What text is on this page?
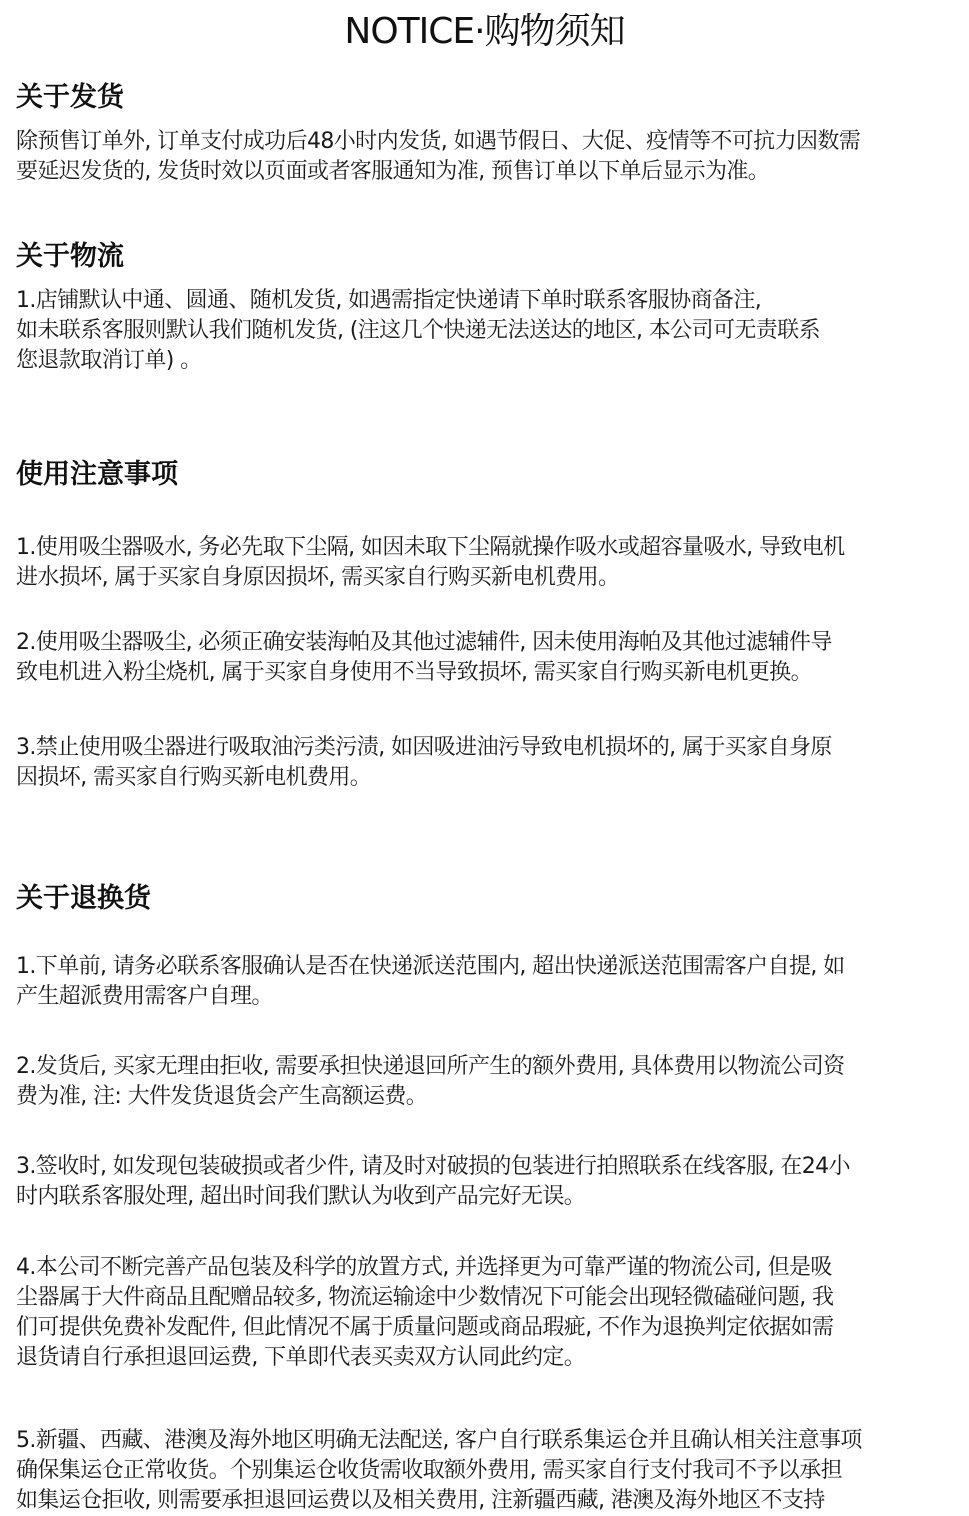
NOTICE·购物须知
关于发货
除预售订单外, 订单支付成功后48小时内发货, 如遇节假日、大促、疫情等不可抗力因数需
要延迟发货的, 发货时效以页面或者客服通知为准, 预售订单以下单后显示为准。
关于物流
1.店铺默认中通、圆通、随机发货, 如遇需指定快递请下单时联系客服协商备注,
如未联系客服则默认我们随机发货, (注这几个快递无法送达的地区, 本公司可无责联系
您退款取消订单) 。
使用注意事项
1.使用吸尘器吸水, 务必先取下尘隔, 如因未取下尘隔就操作吸水或超容量吸水, 导致电机
进水损坏, 属于买家自身原因损坏, 需买家自行购买新电机费用。
2.使用吸尘器吸尘, 必须正确安装海帕及其他过滤辅件, 因未使用海帕及其他过滤辅件导
致电机进入粉尘烧机, 属于买家自身使用不当导致损坏, 需买家自行购买新电机更换。
3.禁止使用吸尘器进行吸取油污类污渍, 如因吸进油污导致电机损坏的, 属于买家自身原
因损坏, 需买家自行购买新电机费用。
关于退换货
1.下单前, 请务必联系客服确认是否在快递派送范围内, 超出快递派送范围需客户自提, 如
产生超派费用需客户自理。
2.发货后, 买家无理由拒收, 需要承担快递退回所产生的额外费用, 具体费用以物流公司资
费为准, 注: 大件发货退货会产生高额运费。
3.签收时, 如发现包装破损或者少件, 请及时对破损的包装进行拍照联系在线客服, 在24小
时内联系客服处理, 超出时间我们默认为收到产品完好无误。
4.本公司不断完善产品包装及科学的放置方式, 并选择更为可靠严谨的物流公司, 但是吸
尘器属于大件商品且配赠品较多, 物流运输途中少数情况下可能会出现轻微磕碰问题, 我
们可提供免费补发配件, 但此情况不属于质量问题或商品瑕疵, 不作为退换判定依据如需
退货请自行承担退回运费, 下单即代表买卖双方认同此约定。
5.新疆、西藏、港澳及海外地区明确无法配送, 客户自行联系集运仓并且确认相关注意事项
确保集运仓正常收货。个别集运仓收货需收取额外费用, 需买家自行支付我司不予以承担
如集运仓拒收, 则需要承担退回运费以及相关费用, 注新疆西藏, 港澳及海外地区不支持
